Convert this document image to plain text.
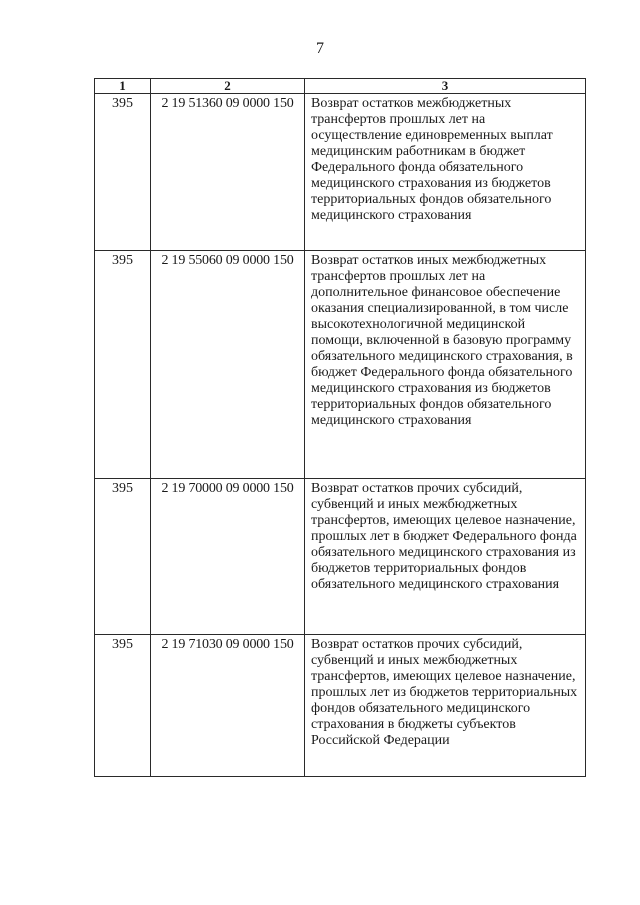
7
1	2	3
395	2 19 51360 09 0000 150	Возврат остатков межбюджетных трансфертов прошлых лет на осуществление единовременных выплат медицинским работникам в бюджет Федерального фонда обязательного медицинского страхования из бюджетов территориальных фондов обязательного медицинского страхования
395	2 19 55060 09 0000 150	Возврат остатков иных межбюджетных трансфертов прошлых лет на дополнительное финансовое обеспечение оказания специализированной, в том числе высокотехнологичной медицинской помощи, включенной в базовую программу обязательного медицинского страхования, в бюджет Федерального фонда обязательного медицинского страхования из бюджетов территориальных фондов обязательного медицинского страхования
395	2 19 70000 09 0000 150	Возврат остатков прочих субсидий, субвенций и иных межбюджетных трансфертов, имеющих целевое назначение, прошлых лет в бюджет Федерального фонда обязательного медицинского страхования из бюджетов территориальных фондов обязательного медицинского страхования
395	2 19 71030 09 0000 150	Возврат остатков прочих субсидий, субвенций и иных межбюджетных трансфертов, имеющих целевое назначение, прошлых лет из бюджетов территориальных фондов обязательного медицинского страхования в бюджеты субъектов Российской Федерации
